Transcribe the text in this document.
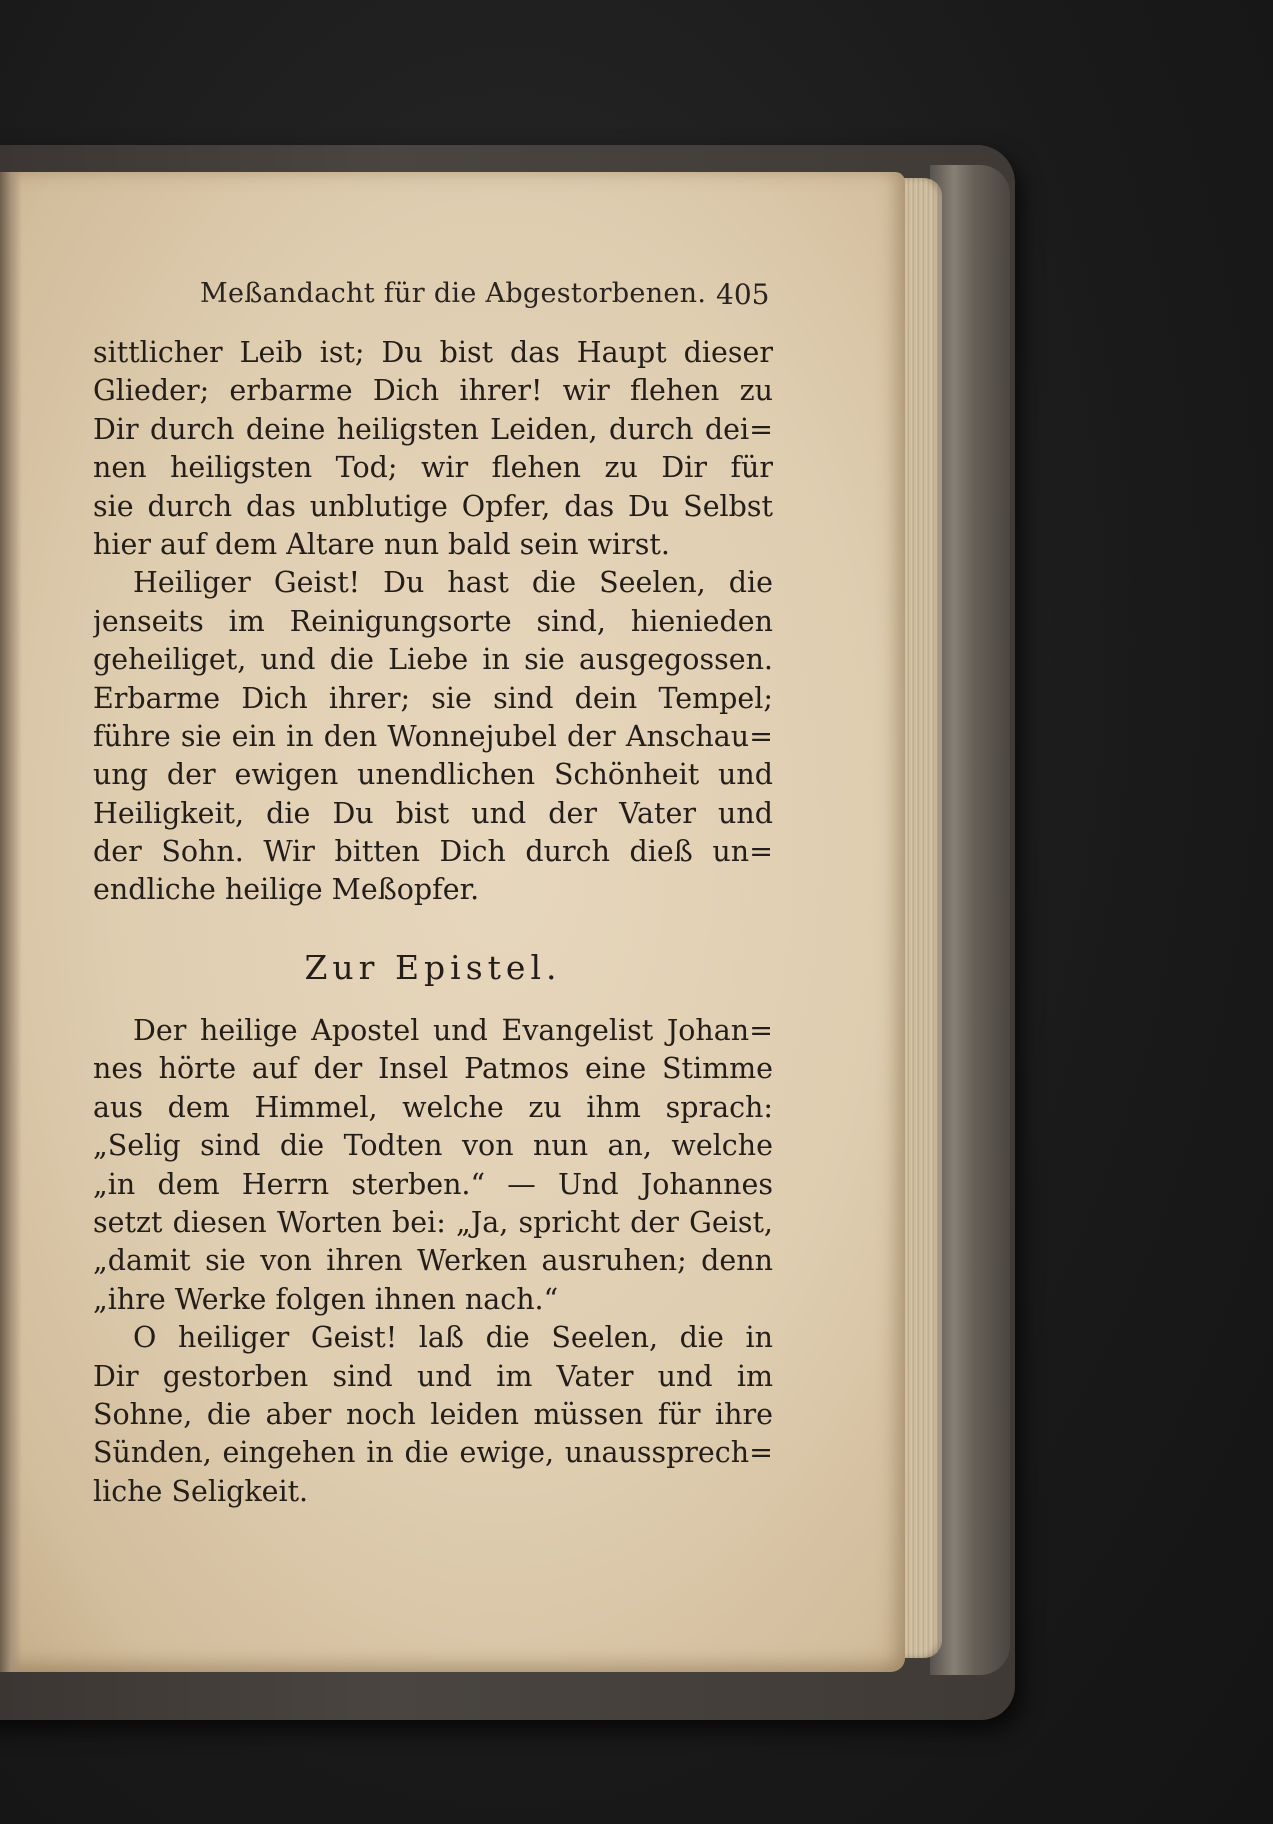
Meßandacht für die Abgestorbenen. 405
sittlicher Leib ist; Du bist das Haupt dieser
Glieder; erbarme Dich ihrer! wir flehen zu
Dir durch deine heiligsten Leiden, durch dei=
nen heiligsten Tod; wir flehen zu Dir für
sie durch das unblutige Opfer, das Du Selbst
hier auf dem Altare nun bald sein wirst.
Heiliger Geist! Du hast die Seelen, die
jenseits im Reinigungsorte sind, hienieden
geheiliget, und die Liebe in sie ausgegossen.
Erbarme Dich ihrer; sie sind dein Tempel;
führe sie ein in den Wonnejubel der Anschau=
ung der ewigen unendlichen Schönheit und
Heiligkeit, die Du bist und der Vater und
der Sohn. Wir bitten Dich durch dieß un=
endliche heilige Meßopfer.
Zur Epistel.
Der heilige Apostel und Evangelist Johan=
nes hörte auf der Insel Patmos eine Stimme
aus dem Himmel, welche zu ihm sprach:
„Selig sind die Todten von nun an, welche
„in dem Herrn sterben.“ — Und Johannes
setzt diesen Worten bei: „Ja, spricht der Geist,
„damit sie von ihren Werken ausruhen; denn
„ihre Werke folgen ihnen nach.“
O heiliger Geist! laß die Seelen, die in
Dir gestorben sind und im Vater und im
Sohne, die aber noch leiden müssen für ihre
Sünden, eingehen in die ewige, unaussprech=
liche Seligkeit.
